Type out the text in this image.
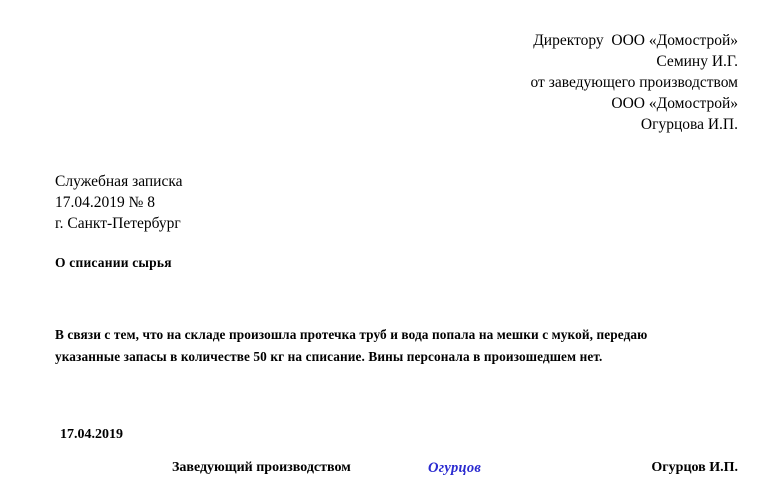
Директору  ООО «Домострой»
Семину И.Г.
от заведующего производством
ООО «Домострой»
Огурцова И.П.
Служебная записка
17.04.2019 № 8
г. Санкт-Петербург
О списании сырья
В связи с тем, что на складе произошла протечка труб и вода попала на мешки с мукой, передаю указанные запасы в количестве 50 кг на списание. Вины персонала в произошедшем нет.
17.04.2019
Заведующий производством	Огурцов	Огурцов И.П.
